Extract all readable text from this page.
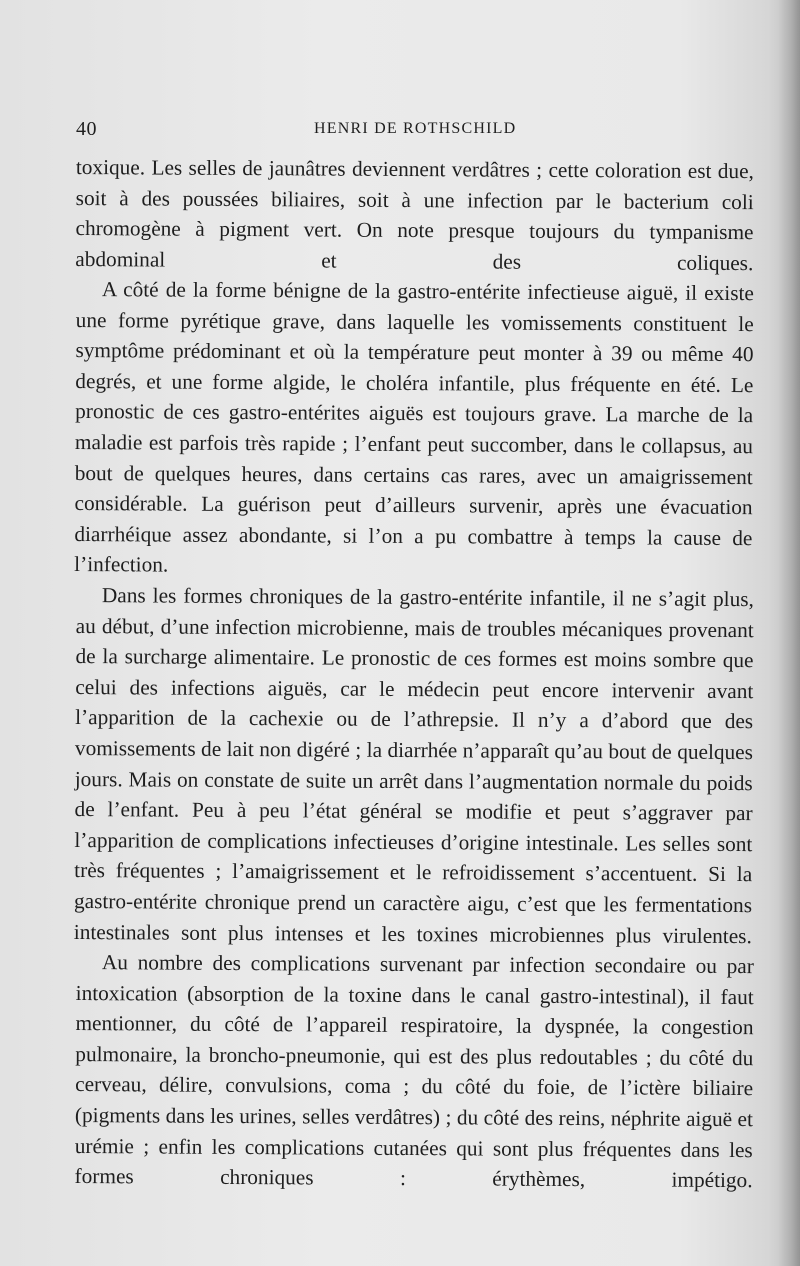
40	HENRI DE ROTHSCHILD

toxique. Les selles de jaunâtres deviennent verdâtres ; cette coloration est due, soit à des poussées biliaires, soit à une infection par le bacterium coli chromogène à pigment vert. On note presque toujours du tympanisme abdominal et des coliques.

A côté de la forme bénigne de la gastro-entérite infectieuse aiguë, il existe une forme pyrétique grave, dans laquelle les vomissements constituent le symptôme prédominant et où la température peut monter à 39 ou même 40 degrés, et une forme algide, le choléra infantile, plus fréquente en été. Le pronostic de ces gastro-entérites aiguës est toujours grave. La marche de la maladie est parfois très rapide ; l’enfant peut succomber, dans le collapsus, au bout de quelques heures, dans certains cas rares, avec un amaigrissement considérable. La guérison peut d’ailleurs survenir, après une évacuation diarrhéique assez abondante, si l’on a pu combattre à temps la cause de l’infection.

Dans les formes chroniques de la gastro-entérite infantile, il ne s’agit plus, au début, d’une infection microbienne, mais de troubles mécaniques provenant de la surcharge alimentaire. Le pronostic de ces formes est moins sombre que celui des infections aiguës, car le médecin peut encore intervenir avant l’apparition de la cachexie ou de l’athrepsie. Il n’y a d’abord que des vomissements de lait non digéré ; la diarrhée n’apparaît qu’au bout de quelques jours. Mais on constate de suite un arrêt dans l’augmentation normale du poids de l’enfant. Peu à peu l’état général se modifie et peut s’aggraver par l’apparition de complications infectieuses d’origine intestinale. Les selles sont très fréquentes ; l’amaigrissement et le refroidissement s’accentuent. Si la gastro-entérite chronique prend un caractère aigu, c’est que les fermentations intestinales sont plus intenses et les toxines microbiennes plus virulentes.

Au nombre des complications survenant par infection secondaire ou par intoxication (absorption de la toxine dans le canal gastro-intestinal), il faut mentionner, du côté de l’appareil respiratoire, la dyspnée, la congestion pulmonaire, la broncho-pneumonie, qui est des plus redoutables ; du côté du cerveau, délire, convulsions, coma ; du côté du foie, de l’ictère biliaire (pigments dans les urines, selles verdâtres) ; du côté des reins, néphrite aiguë et urémie ; enfin les complications cutanées qui sont plus fréquentes dans les formes chroniques : érythèmes, impétigo.
